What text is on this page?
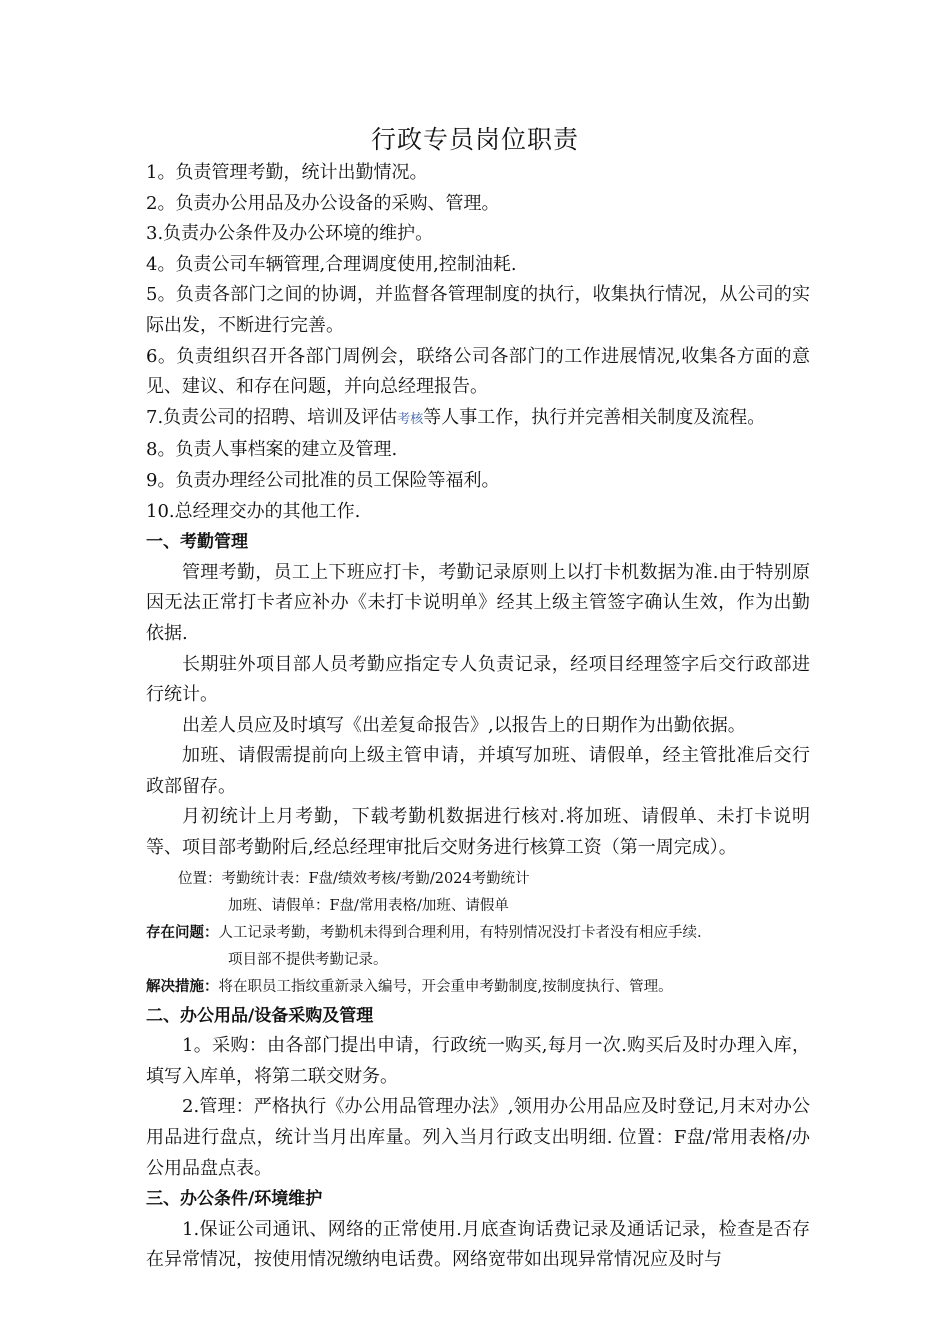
行政专员岗位职责
1。负责管理考勤，统计出勤情况。
2。负责办公用品及办公设备的采购、管理。
3.负责办公条件及办公环境的维护。
4。负责公司车辆管理,合理调度使用,控制油耗.
5。负责各部门之间的协调，并监督各管理制度的执行，收集执行情况，从公司的实际出发，不断进行完善。
6。负责组织召开各部门周例会，联络公司各部门的工作进展情况,收集各方面的意见、建议、和存在问题，并向总经理报告。
7.负责公司的招聘、培训及评估考核等人事工作，执行并完善相关制度及流程。
8。负责人事档案的建立及管理.
9。负责办理经公司批准的员工保险等福利。
10.总经理交办的其他工作.
一、考勤管理
管理考勤，员工上下班应打卡，考勤记录原则上以打卡机数据为准.由于特别原因无法正常打卡者应补办《未打卡说明单》经其上级主管签字确认生效，作为出勤依据.
长期驻外项目部人员考勤应指定专人负责记录，经项目经理签字后交行政部进行统计。
出差人员应及时填写《出差复命报告》,以报告上的日期作为出勤依据。
加班、请假需提前向上级主管申请，并填写加班、请假单，经主管批准后交行政部留存。
月初统计上月考勤，下载考勤机数据进行核对.将加班、请假单、未打卡说明等、项目部考勤附后,经总经理审批后交财务进行核算工资（第一周完成）。
位置：考勤统计表：F盘/绩效考核/考勤/2024考勤统计
加班、请假单：F盘/常用表格/加班、请假单
存在问题：人工记录考勤，考勤机未得到合理利用，有特别情况没打卡者没有相应手续.
项目部不提供考勤记录。
解决措施：将在职员工指纹重新录入编号，开会重申考勤制度,按制度执行、管理。
二、办公用品/设备采购及管理
1。采购：由各部门提出申请，行政统一购买,每月一次.购买后及时办理入库，填写入库单，将第二联交财务。
2.管理：严格执行《办公用品管理办法》,领用办公用品应及时登记,月末对办公用品进行盘点，统计当月出库量。列入当月行政支出明细. 位置：F盘/常用表格/办公用品盘点表。
三、办公条件/环境维护
1.保证公司通讯、网络的正常使用.月底查询话费记录及通话记录，检查是否存在异常情况，按使用情况缴纳电话费。网络宽带如出现异常情况应及时与
